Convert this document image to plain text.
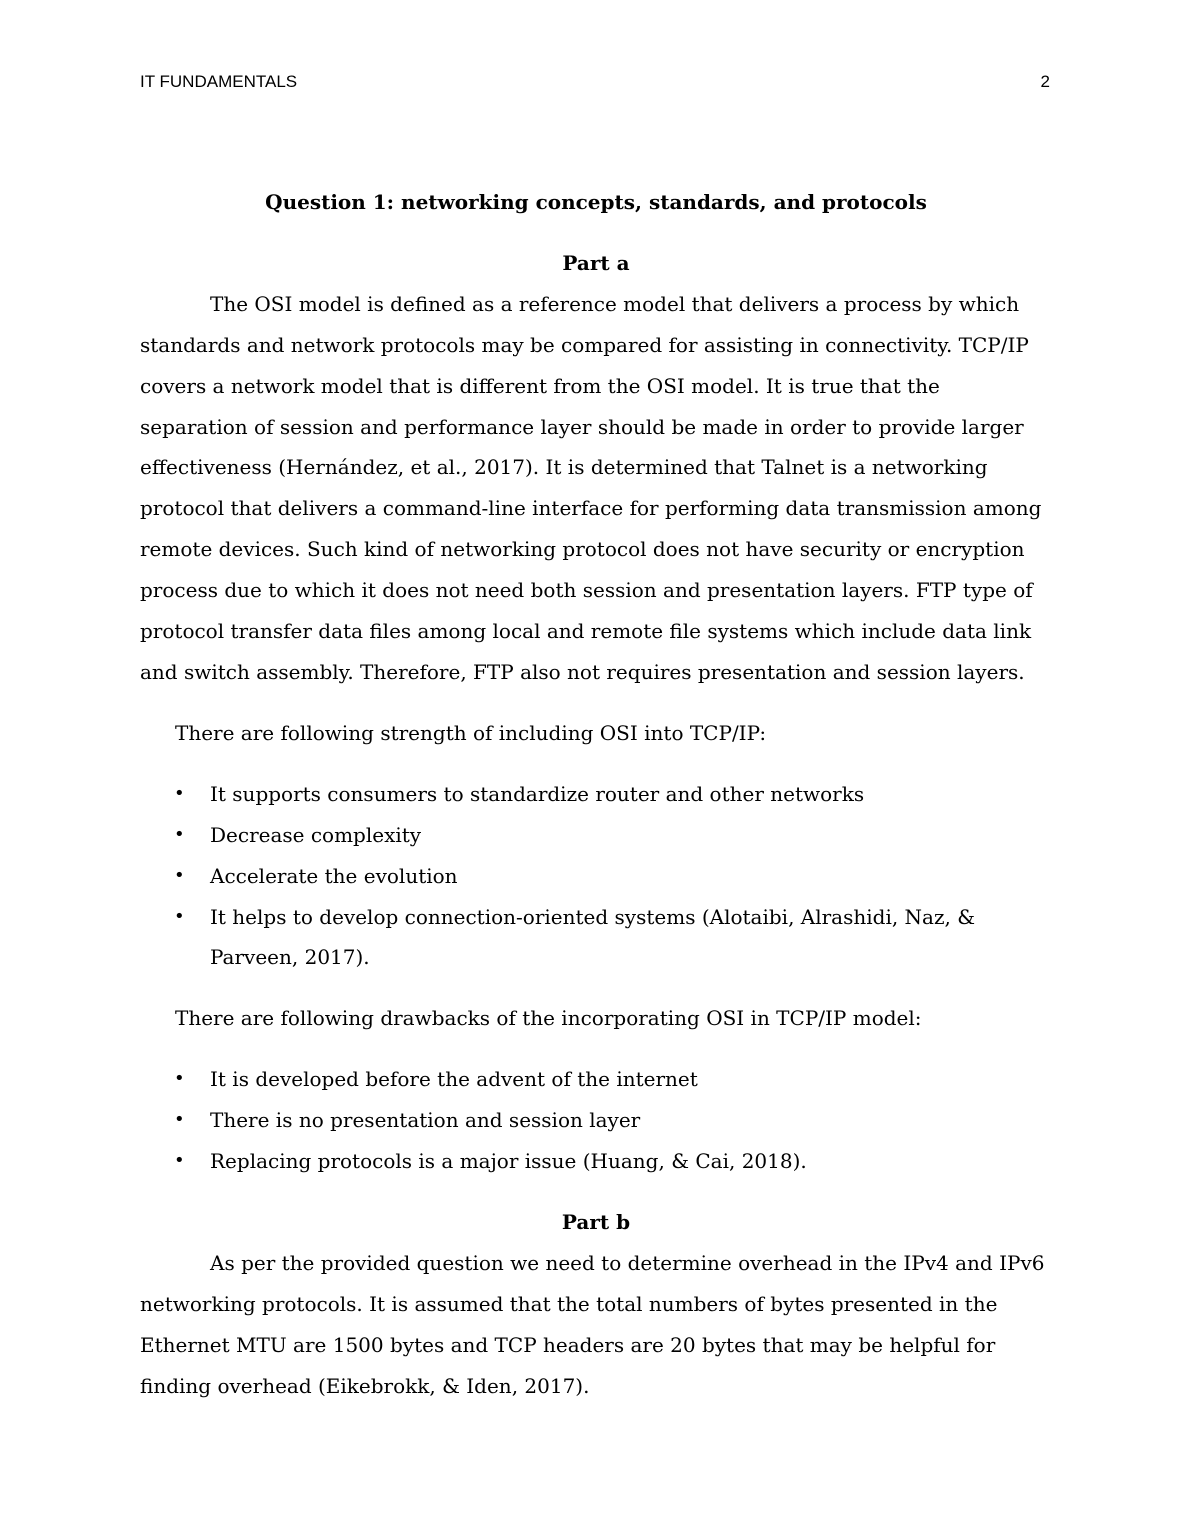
IT FUNDAMENTALS	2
Question 1: networking concepts, standards, and protocols
Part a

The OSI model is defined as a reference model that delivers a process by which standards and network protocols may be compared for assisting in connectivity. TCP/IP covers a network model that is different from the OSI model. It is true that the separation of session and performance layer should be made in order to provide larger effectiveness (Hernández, et al., 2017). It is determined that Talnet is a networking protocol that delivers a command-line interface for performing data transmission among remote devices. Such kind of networking protocol does not have security or encryption process due to which it does not need both session and presentation layers. FTP type of protocol transfer data files among local and remote file systems which include data link and switch assembly. Therefore, FTP also not requires presentation and session layers.

There are following strength of including OSI into TCP/IP:

• It supports consumers to standardize router and other networks
• Decrease complexity
• Accelerate the evolution
• It helps to develop connection-oriented systems (Alotaibi, Alrashidi, Naz, & Parveen, 2017).

There are following drawbacks of the incorporating OSI in TCP/IP model:

• It is developed before the advent of the internet
• There is no presentation and session layer
• Replacing protocols is a major issue (Huang, & Cai, 2018).
Part b

As per the provided question we need to determine overhead in the IPv4 and IPv6 networking protocols. It is assumed that the total numbers of bytes presented in the Ethernet MTU are 1500 bytes and TCP headers are 20 bytes that may be helpful for finding overhead (Eikebrokk, & Iden, 2017).
